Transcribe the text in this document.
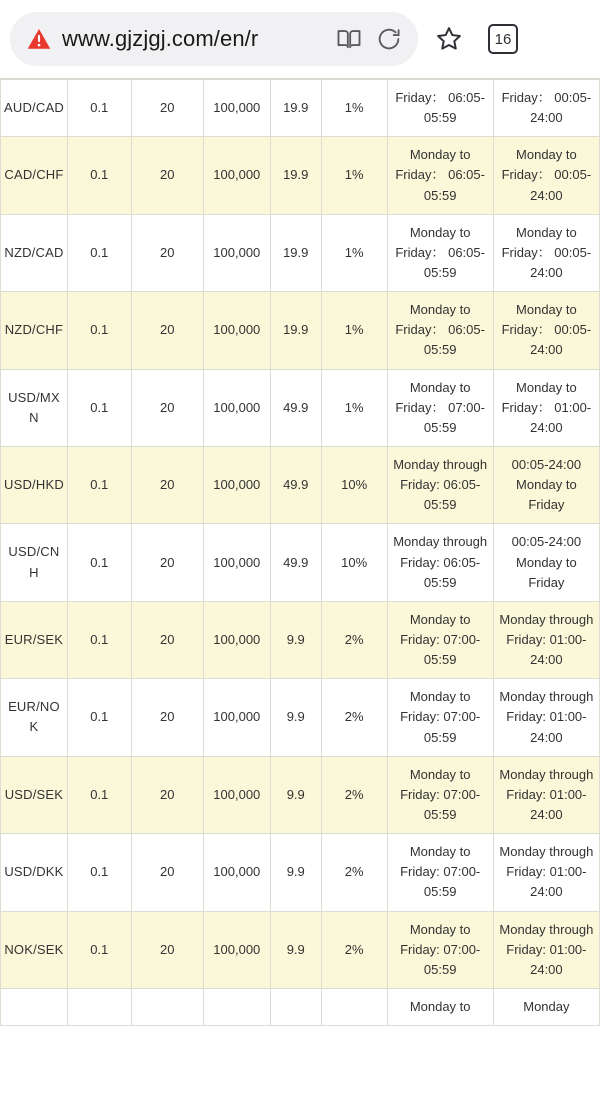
www.gjzjgj.com/en/r	16
AUD/CAD	0.1	20	100,000	19.9	1%	Friday： 06:05-05:59	Friday： 00:05-24:00
CAD/CHF	0.1	20	100,000	19.9	1%	Monday to Friday： 06:05-05:59	Monday to Friday： 00:05-24:00
NZD/CAD	0.1	20	100,000	19.9	1%	Monday to Friday： 06:05-05:59	Monday to Friday： 00:05-24:00
NZD/CHF	0.1	20	100,000	19.9	1%	Monday to Friday： 06:05-05:59	Monday to Friday： 00:05-24:00
USD/MXN	0.1	20	100,000	49.9	1%	Monday to Friday： 07:00-05:59	Monday to Friday： 01:00-24:00
USD/HKD	0.1	20	100,000	49.9	10%	Monday through Friday: 06:05-05:59	00:05-24:00 Monday to Friday
USD/CNH	0.1	20	100,000	49.9	10%	Monday through Friday: 06:05-05:59	00:05-24:00 Monday to Friday
EUR/SEK	0.1	20	100,000	9.9	2%	Monday to Friday: 07:00-05:59	Monday through Friday: 01:00-24:00
EUR/NOK	0.1	20	100,000	9.9	2%	Monday to Friday: 07:00-05:59	Monday through Friday: 01:00-24:00
USD/SEK	0.1	20	100,000	9.9	2%	Monday to Friday: 07:00-05:59	Monday through Friday: 01:00-24:00
USD/DKK	0.1	20	100,000	9.9	2%	Monday to Friday: 07:00-05:59	Monday through Friday: 01:00-24:00
NOK/SEK	0.1	20	100,000	9.9	2%	Monday to Friday: 07:00-05:59	Monday through Friday: 01:00-24:00
						Monday to	Monday
